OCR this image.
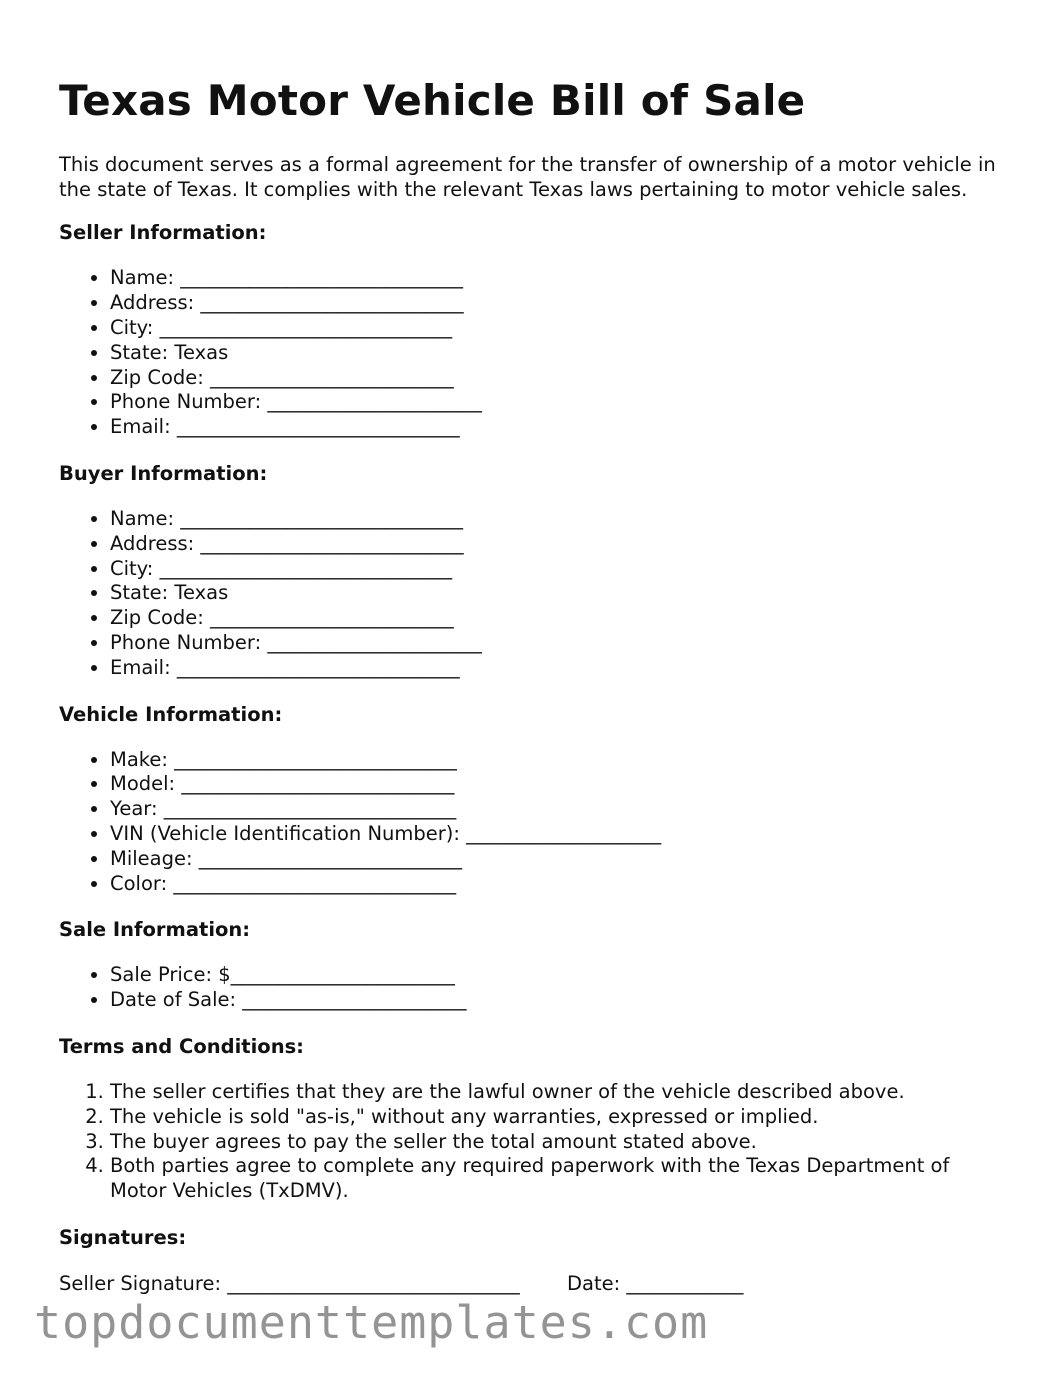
Texas Motor Vehicle Bill of Sale

This document serves as a formal agreement for the transfer of ownership of a motor vehicle in the state of Texas. It complies with the relevant Texas laws pertaining to motor vehicle sales.

Seller Information:
• Name: _____________________________
• Address: ___________________________
• City: ______________________________
• State: Texas
• Zip Code: _________________________
• Phone Number: ______________________
• Email: _____________________________
Buyer Information:
• Name: _____________________________
• Address: ___________________________
• City: ______________________________
• State: Texas
• Zip Code: _________________________
• Phone Number: ______________________
• Email: _____________________________
Vehicle Information:
• Make: _____________________________
• Model: ____________________________
• Year: ______________________________
• VIN (Vehicle Identification Number): ____________________
• Mileage: ___________________________
• Color: _____________________________
Sale Information:
• Sale Price: $_______________________
• Date of Sale: _______________________
Terms and Conditions:
1. The seller certifies that they are the lawful owner of the vehicle described above.
2. The vehicle is sold "as-is," without any warranties, expressed or implied.
3. The buyer agrees to pay the seller the total amount stated above.
4. Both parties agree to complete any required paperwork with the Texas Department of Motor Vehicles (TxDMV).
Signatures:
Seller Signature: ______________________________ Date: ____________
topdocumenttemplates.com
